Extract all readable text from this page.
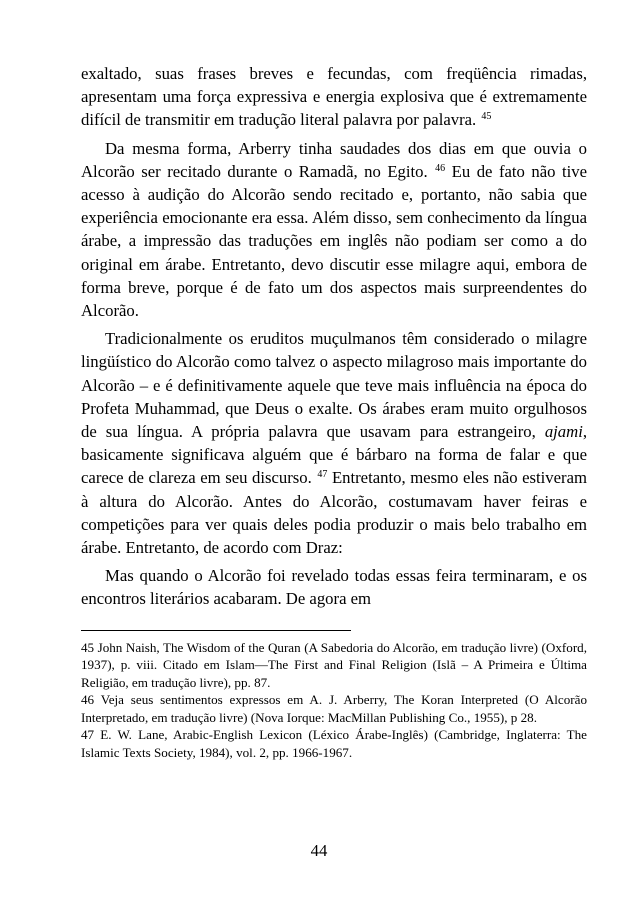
exaltado, suas frases breves e fecundas, com freqüência rimadas, apresentam uma força expressiva e energia explosiva que é extremamente difícil de transmitir em tradução literal palavra por palavra. $^{45}$

Da mesma forma, Arberry tinha saudades dos dias em que ouvia o Alcorão ser recitado durante o Ramadã, no Egito. $^{46}$ Eu de fato não tive acesso à audição do Alcorão sendo recitado e, portanto, não sabia que experiência emocionante era essa. Além disso, sem conhecimento da língua árabe, a impressão das traduções em inglês não podiam ser como a do original em árabe. Entretanto, devo discutir esse milagre aqui, embora de forma breve, porque é de fato um dos aspectos mais surpreendentes do Alcorão.

Tradicionalmente os eruditos muçulmanos têm considerado o milagre lingüístico do Alcorão como talvez o aspecto milagroso mais importante do Alcorão – e é definitivamente aquele que teve mais influência na época do Profeta Muhammad, que Deus o exalte. Os árabes eram muito orgulhosos de sua língua. A própria palavra que usavam para estrangeiro, ajami, basicamente significava alguém que é bárbaro na forma de falar e que carece de clareza em seu discurso. $^{47}$ Entretanto, mesmo eles não estiveram à altura do Alcorão. Antes do Alcorão, costumavam haver feiras e competições para ver quais deles podia produzir o mais belo trabalho em árabe. Entretanto, de acordo com Draz:

Mas quando o Alcorão foi revelado todas essas feira terminaram, e os encontros literários acabaram. De agora em

45 John Naish, The Wisdom of the Quran (A Sabedoria do Alcorão, em tradução livre) (Oxford, 1937), p. viii. Citado em Islam—The First and Final Religion (Islã – A Primeira e Última Religião, em tradução livre), pp. 87.

46 Veja seus sentimentos expressos em A. J. Arberry, The Koran Interpreted (O Alcorão Interpretado, em tradução livre) (Nova Iorque: MacMillan Publishing Co., 1955), p 28.

47 E. W. Lane, Arabic-English Lexicon (Léxico Árabe-Inglês) (Cambridge, Inglaterra: The Islamic Texts Society, 1984), vol. 2, pp. 1966-1967.

44
